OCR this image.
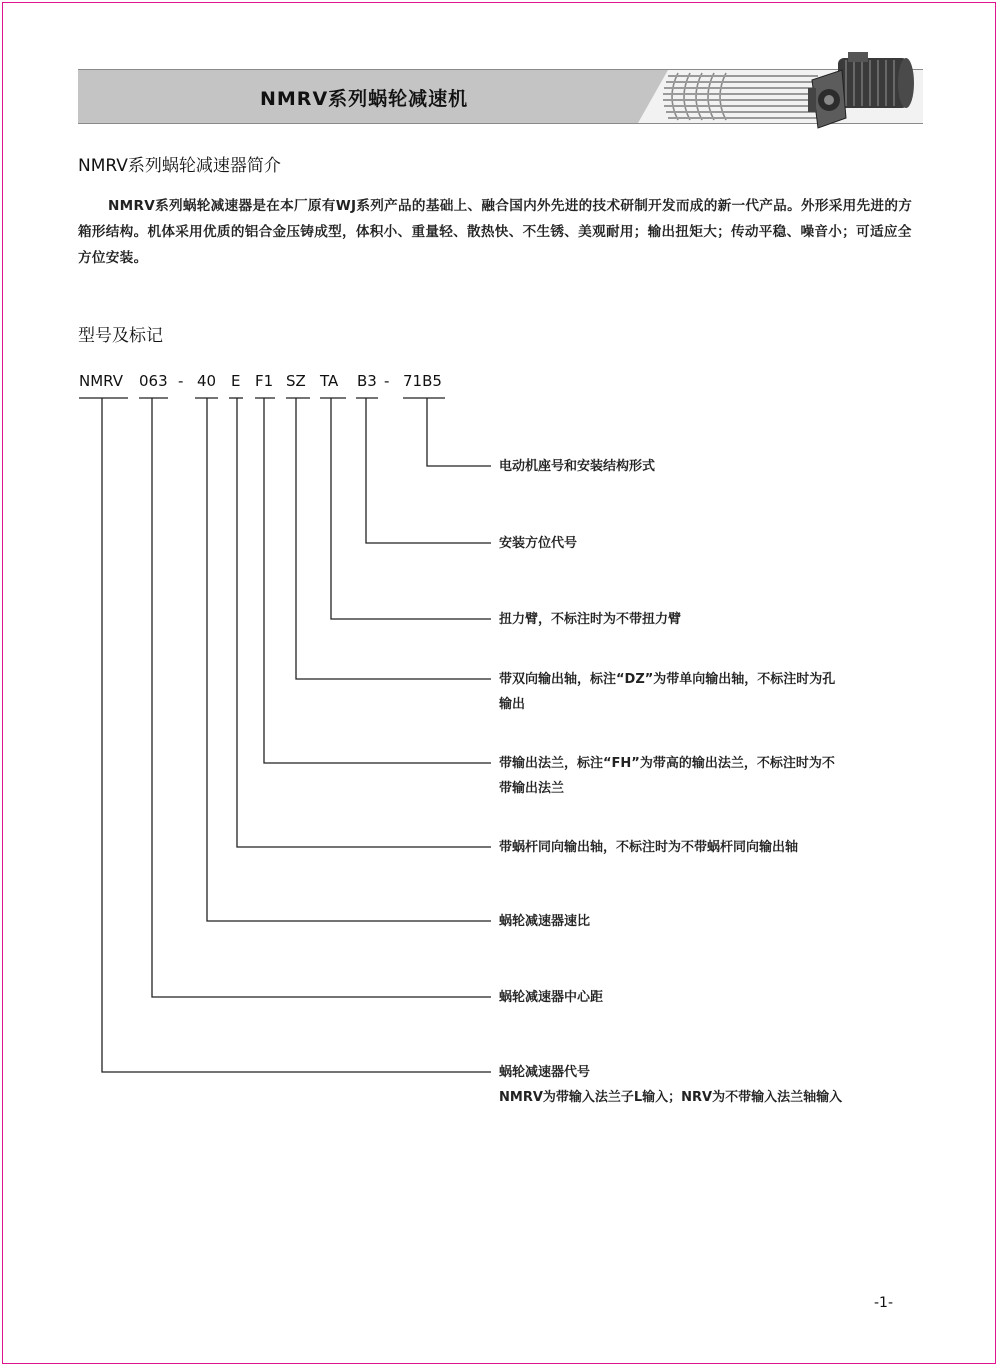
NMRV系列蜗轮减速机
NMRV系列蜗轮减速器简介

NMRV系列蜗轮减速器是在本厂原有WJ系列产品的基础上、融合国内外先进的技术研制开发而成的新一代产品。外形采用先进的方箱形结构。机体采用优质的铝合金压铸成型，体积小、重量轻、散热快、不生锈、美观耐用；输出扭矩大；传动平稳、噪音小；可适应全方位安装。

型号及标记
NMRV 063 - 40 E F1 SZ TA B3 - 71B5
电动机座号和安装结构形式
安装方位代号
扭力臂，不标注时为不带扭力臂
带双向输出轴，标注“DZ”为带单向输出轴，不标注时为孔
输出
带输出法兰，标注“FH”为带高的输出法兰，不标注时为不
带输出法兰
带蜗杆同向输出轴，不标注时为不带蜗杆同向输出轴
蜗轮减速器速比
蜗轮减速器中心距
蜗轮减速器代号
NMRV为带输入法兰子L输入；NRV为不带输入法兰轴输入
-1-
